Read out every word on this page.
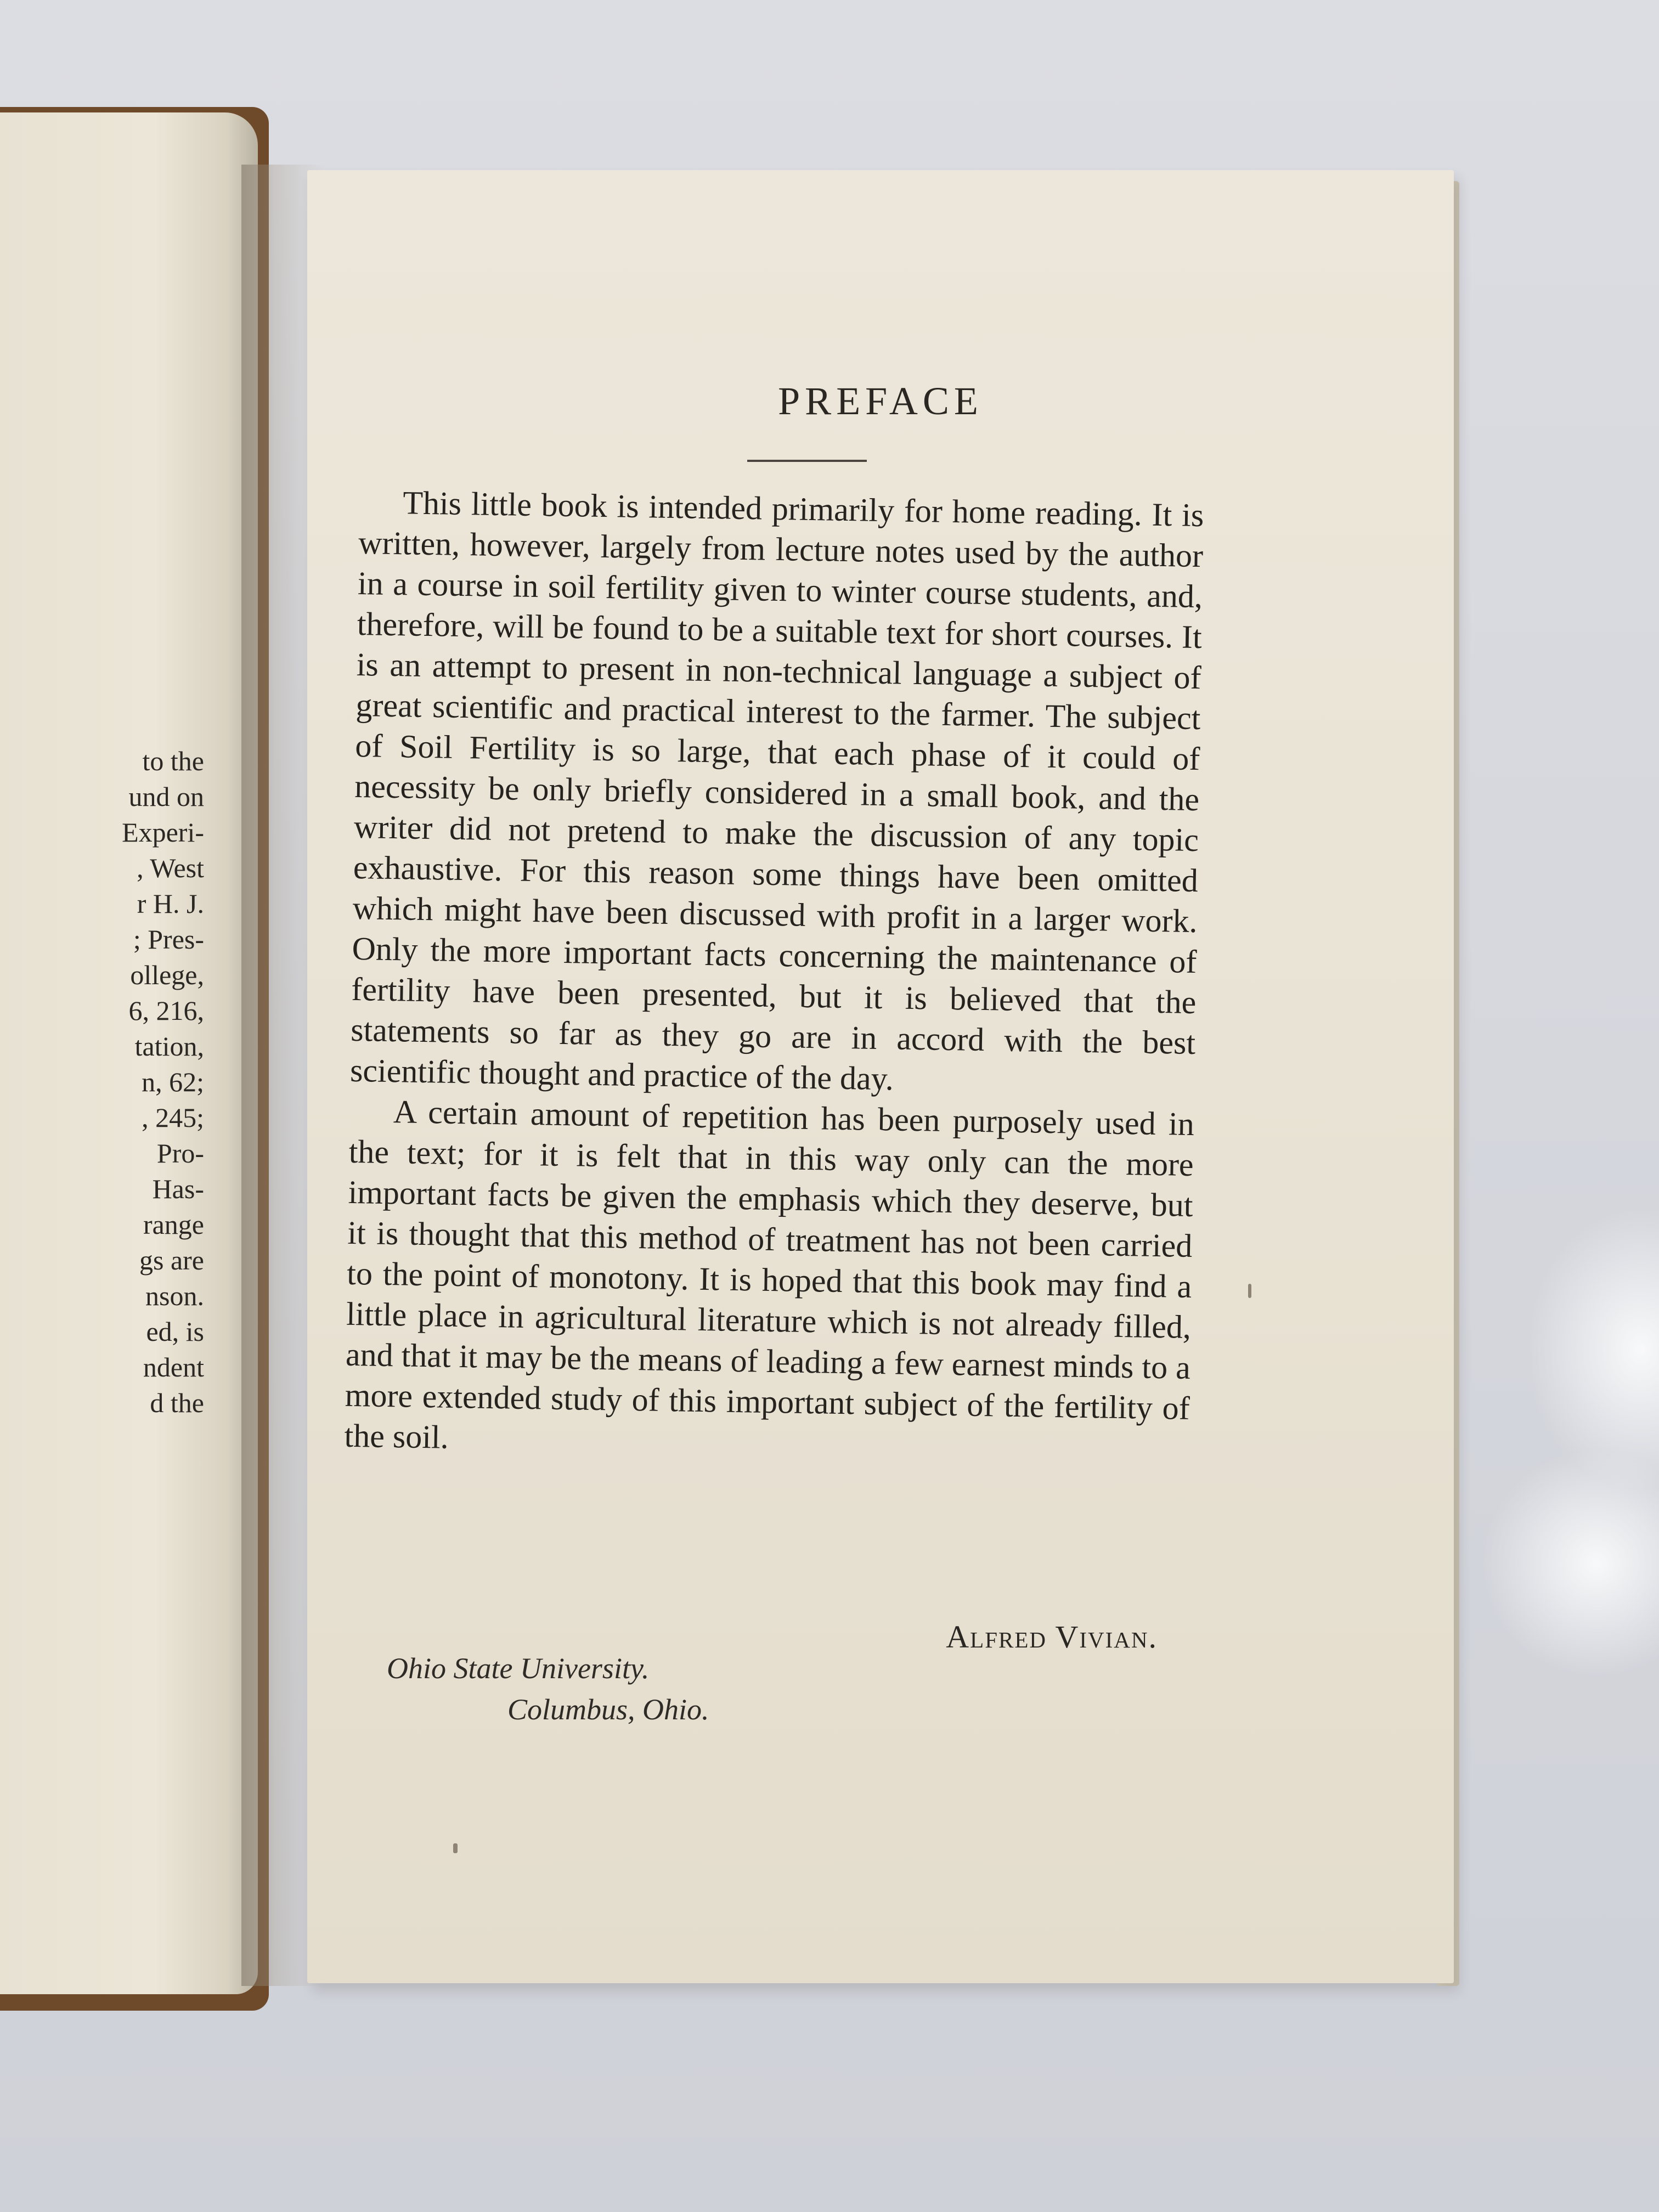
to the
und on
Experi-
, West
r H. J.
; Pres-
ollege,
6, 216,
tation,
n, 62;
, 245;
Pro-
Has-
range
gs are
nson.
ed, is
ndent
d the
PREFACE

This little book is intended primarily for home reading. It is written, however, largely from lecture notes used by the author in a course in soil fertility given to winter course students, and, therefore, will be found to be a suitable text for short courses. It is an attempt to present in non-technical language a subject of great scientific and practical interest to the farmer. The subject of Soil Fertility is so large, that each phase of it could of necessity be only briefly considered in a small book, and the writer did not pretend to make the discussion of any topic exhaustive. For this reason some things have been omitted which might have been discussed with profit in a larger work. Only the more important facts concerning the maintenance of fertility have been presented, but it is believed that the statements so far as they go are in accord with the best scientific thought and practice of the day.

A certain amount of repetition has been purposely used in the text; for it is felt that in this way only can the more important facts be given the emphasis which they deserve, but it is thought that this method of treatment has not been carried to the point of monotony. It is hoped that this book may find a little place in agricultural literature which is not already filled, and that it may be the means of leading a few earnest minds to a more extended study of this important subject of the fertility of the soil.

Alfred Vivian.
Ohio State University.
Columbus, Ohio.
